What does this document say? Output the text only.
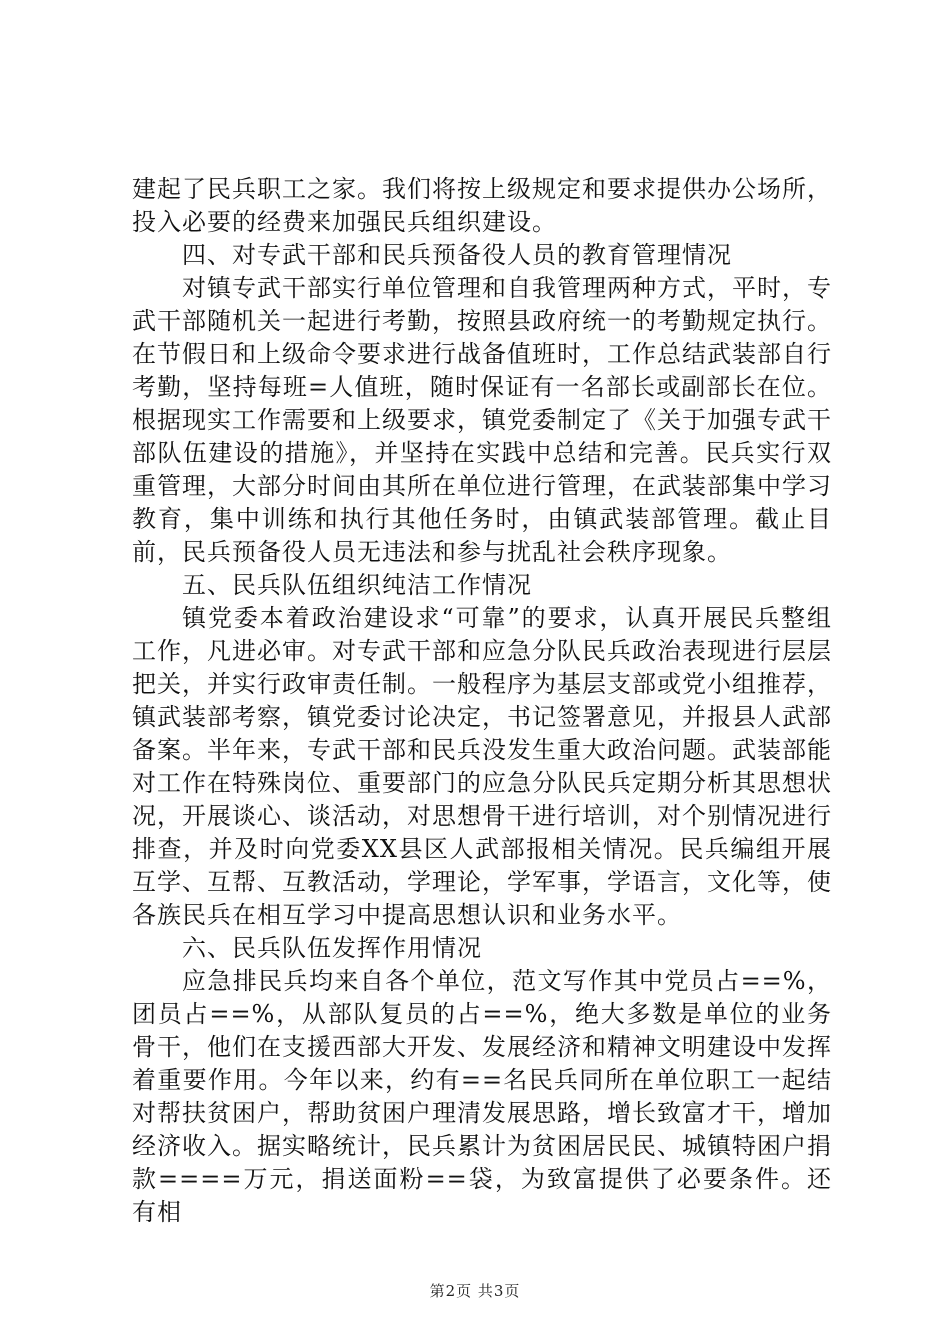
建起了民兵职工之家。我们将按上级规定和要求提供办公场所，投入必要的经费来加强民兵组织建设。

四、对专武干部和民兵预备役人员的教育管理情况

对镇专武干部实行单位管理和自我管理两种方式，平时，专武干部随机关一起进行考勤，按照县政府统一的考勤规定执行。在节假日和上级命令要求进行战备值班时，工作总结武装部自行考勤，坚持每班=人值班，随时保证有一名部长或副部长在位。根据现实工作需要和上级要求，镇党委制定了《关于加强专武干部队伍建设的措施》，并坚持在实践中总结和完善。民兵实行双重管理，大部分时间由其所在单位进行管理，在武装部集中学习教育，集中训练和执行其他任务时，由镇武装部管理。截止目前，民兵预备役人员无违法和参与扰乱社会秩序现象。

五、民兵队伍组织纯洁工作情况

镇党委本着政治建设求“可靠”的要求，认真开展民兵整组工作，凡进必审。对专武干部和应急分队民兵政治表现进行层层把关，并实行政审责任制。一般程序为基层支部或党小组推荐，镇武装部考察，镇党委讨论决定，书记签署意见，并报县人武部备案。半年来，专武干部和民兵没发生重大政治问题。武装部能对工作在特殊岗位、重要部门的应急分队民兵定期分析其思想状况，开展谈心、谈活动，对思想骨干进行培训，对个别情况进行排查，并及时向党委XX县区人武部报相关情况。民兵编组开展互学、互帮、互教活动，学理论，学军事，学语言，文化等，使各族民兵在相互学习中提高思想认识和业务水平。

六、民兵队伍发挥作用情况

应急排民兵均来自各个单位，范文写作其中党员占==%，团员占==%，从部队复员的占==%，绝大多数是单位的业务骨干，他们在支援西部大开发、发展经济和精神文明建设中发挥着重要作用。今年以来，约有==名民兵同所在单位职工一起结对帮扶贫困户，帮助贫困户理清发展思路，增长致富才干，增加经济收入。据实略统计，民兵累计为贫困居民民、城镇特困户捐款====万元，捐送面粉==袋，为致富提供了必要条件。还有相

第2页 共3页
